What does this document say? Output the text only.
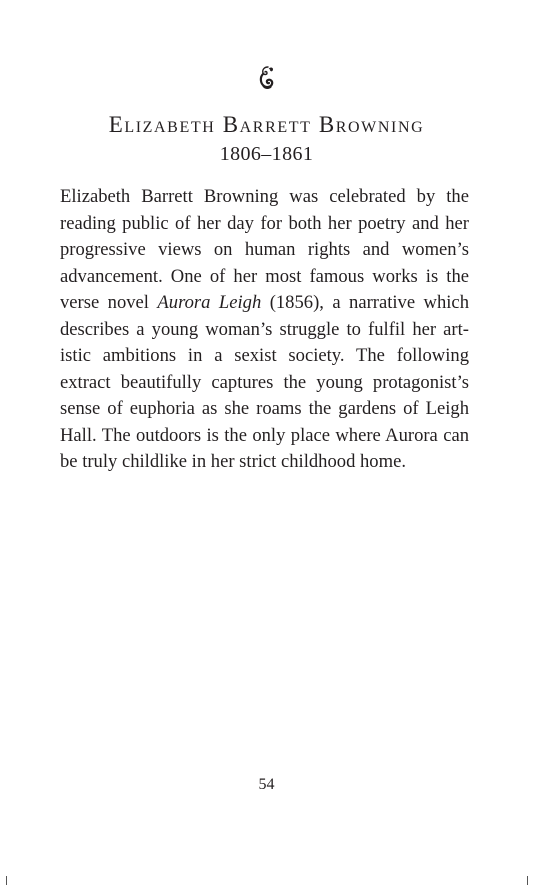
Elizabeth Barrett Browning
1806–1861

Elizabeth Barrett Browning was celebrated by the reading public of her day for both her poetry and her progressive views on human rights and women’s advancement. One of her most famous works is the verse novel Aurora Leigh (1856), a narrative which describes a young woman’s struggle to fulfil her artistic ambitions in a sexist society. The following extract beautifully captures the young protagonist’s sense of euphoria as she roams the gardens of Leigh Hall. The outdoors is the only place where Aurora can be truly childlike in her strict childhood home.

54
